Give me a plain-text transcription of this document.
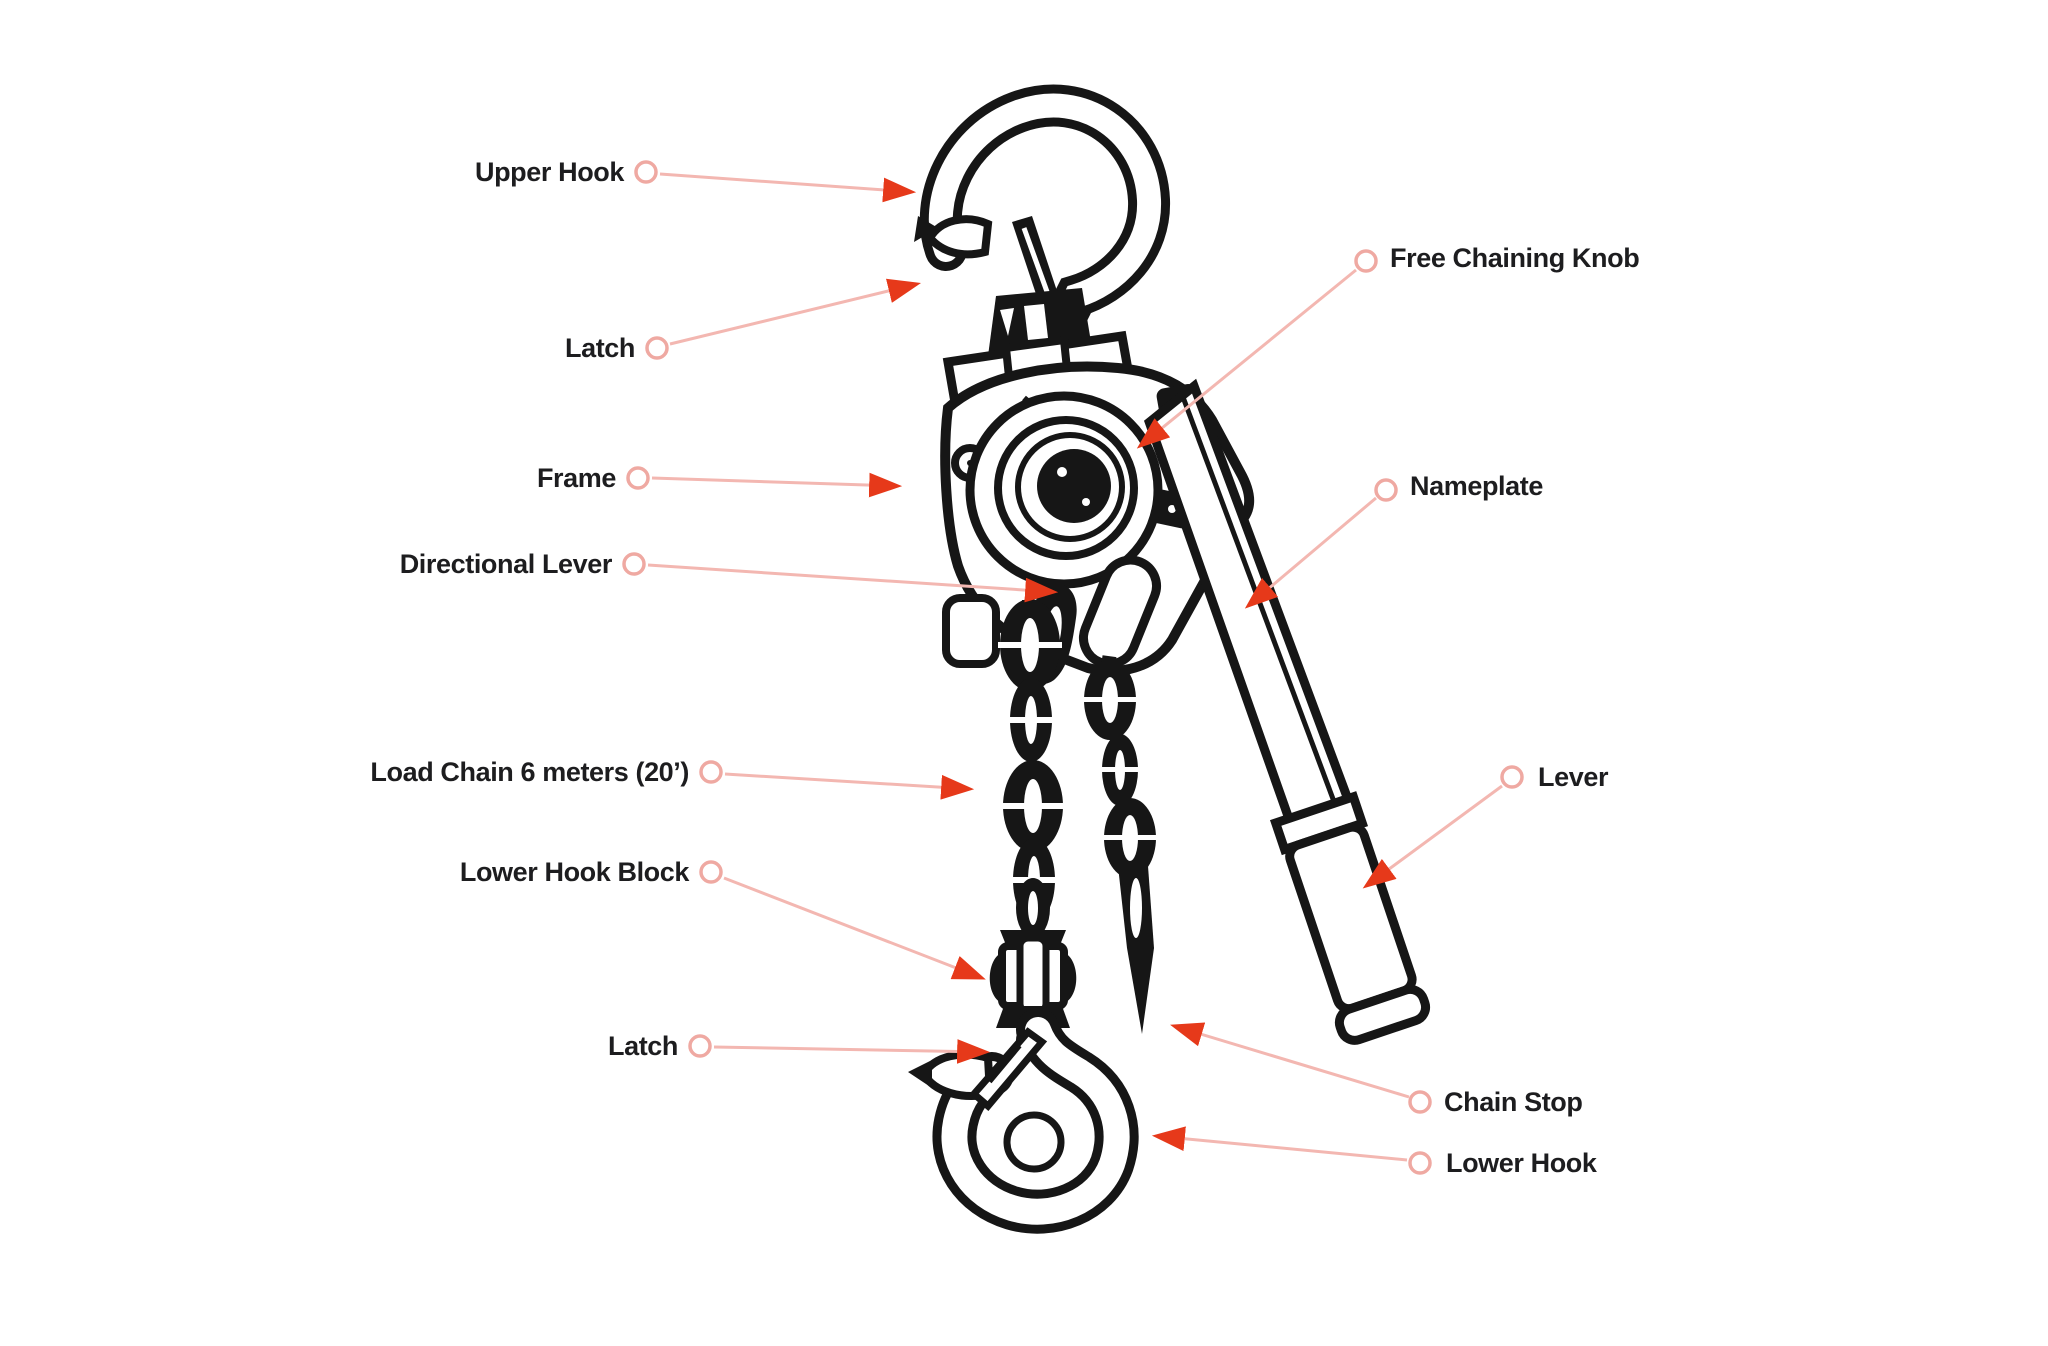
Upper Hook
Latch
Frame
Directional Lever
Load Chain 6 meters (20’)
Lower Hook Block
Latch
Free Chaining Knob
Nameplate
Lever
Chain Stop
Lower Hook
